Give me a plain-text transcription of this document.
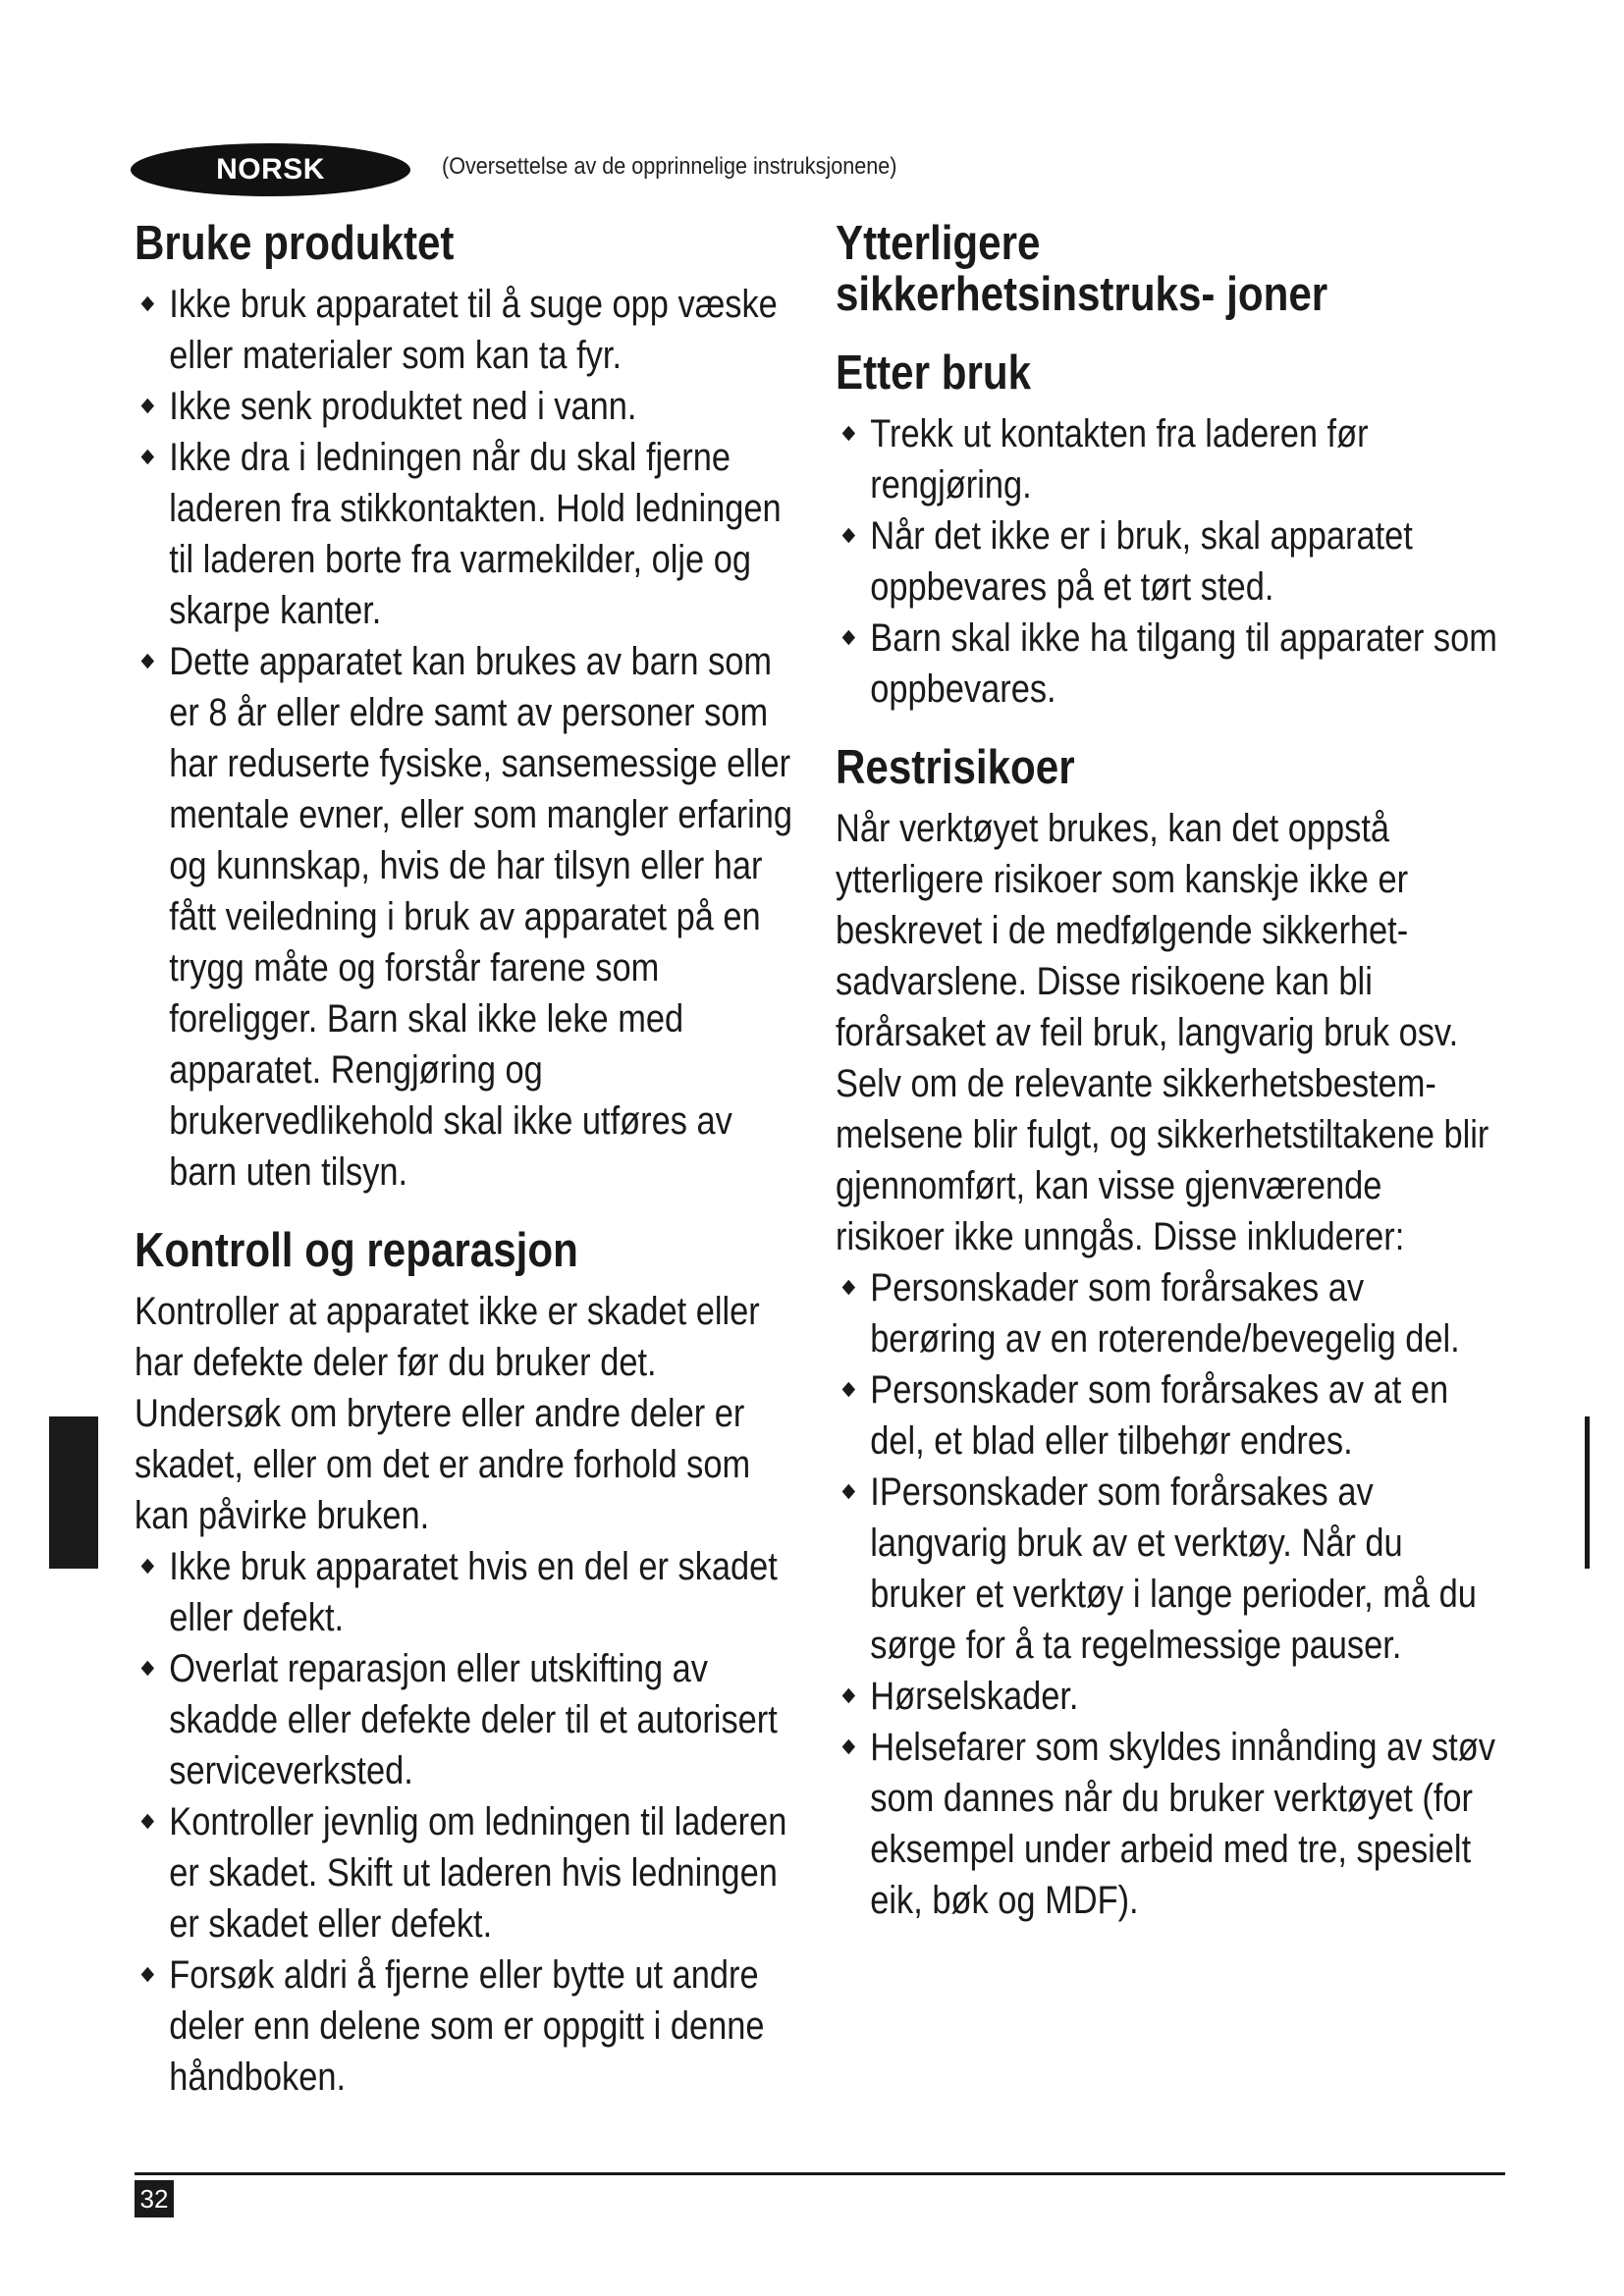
NORSK	(Oversettelse av de opprinnelige instruksjonene)
Bruke produktet
Ikke bruk apparatet til å suge opp væske eller materialer som kan ta fyr.
Ikke senk produktet ned i vann.
Ikke dra i ledningen når du skal fjerne laderen fra stikkontakten. Hold ledningen til laderen borte fra varmekilder, olje og skarpe kanter.
Dette apparatet kan brukes av barn som er 8 år eller eldre samt av personer som har reduserte fysiske, sansemessige eller mentale evner, eller som mangler erfaring og kunnskap, hvis de har tilsyn eller har fått veiledning i bruk av apparatet på en trygg måte og forstår farene som foreligger. Barn skal ikke leke med apparatet. Rengjøring og brukervedlikehold skal ikke utføres av barn uten tilsyn.
Kontroll og reparasjon

Kontroller at apparatet ikke er skadet eller har defekte deler før du bruker det. Undersøk om brytere eller andre deler er skadet, eller om det er andre forhold som kan påvirke bruken.

Ikke bruk apparatet hvis en del er skadet eller defekt.
Overlat reparasjon eller utskifting av skadde eller defekte deler til et autorisert serviceverksted.
Kontroller jevnlig om ledningen til laderen er skadet. Skift ut laderen hvis ledningen er skadet eller defekt.
Forsøk aldri å fjerne eller bytte ut andre deler enn delene som er oppgitt i denne håndboken.
Ytterligere sikkerhetsinstruks- joner
Etter bruk
Trekk ut kontakten fra laderen før rengjøring.
Når det ikke er i bruk, skal apparatet oppbevares på et tørt sted.
Barn skal ikke ha tilgang til apparater som oppbevares.
Restrisikoer

Når verktøyet brukes, kan det oppstå ytterligere risikoer som kanskje ikke er beskrevet i de medfølgende sikkerhet- sadvarslene. Disse risikoene kan bli forårsaket av feil bruk, langvarig bruk osv. Selv om de relevante sikkerhetsbestem- melsene blir fulgt, og sikkerhetstiltakene blir gjennomført, kan visse gjenværende risikoer ikke unngås. Disse inkluderer:

Personskader som forårsakes av berøring av en roterende/bevegelig del.
Personskader som forårsakes av at en del, et blad eller tilbehør endres.
IPersonskader som forårsakes av langvarig bruk av et verktøy. Når du bruker et verktøy i lange perioder, må du sørge for å ta regelmessige pauser.
Hørselskader.
Helsefarer som skyldes innånding av støv som dannes når du bruker verktøyet (for eksempel under arbeid med tre, spesielt eik, bøk og MDF).
32
